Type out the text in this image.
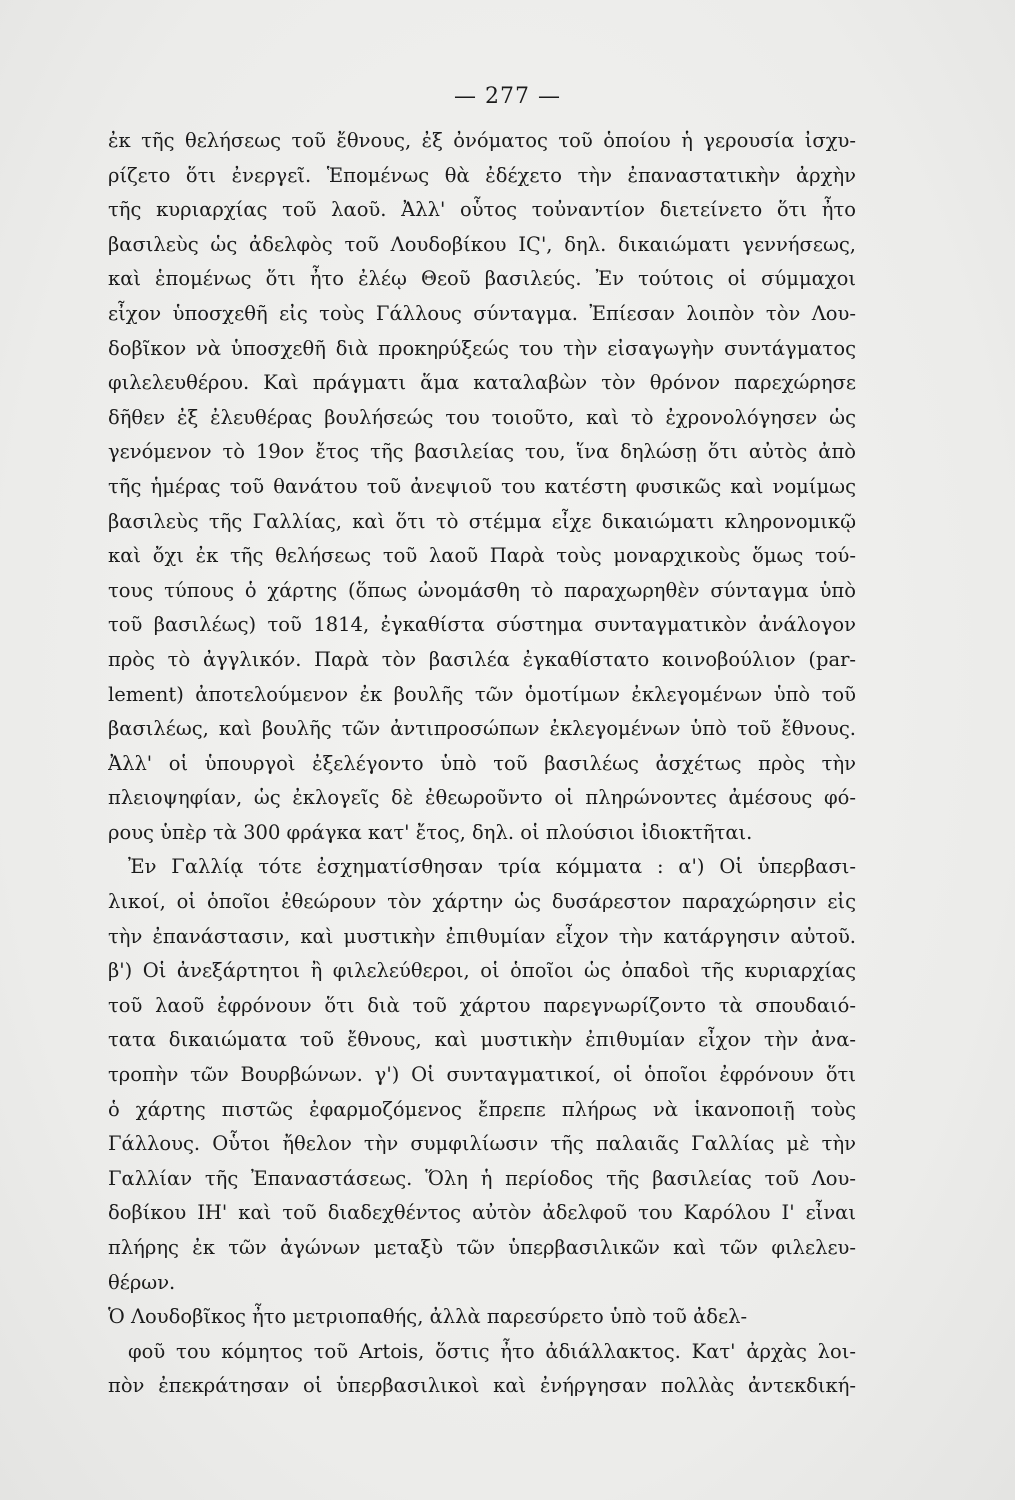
— 277 —
ἐκ τῆς θελήσεως τοῦ ἔθνους, ἐξ ὀνόματος τοῦ ὁποίου ἡ γερουσία ἰσχυ-
ρίζετο ὅτι ἐνεργεῖ. Ἑπομένως θὰ ἐδέχετο τὴν ἐπαναστατικὴν ἀρχὴν
τῆς κυριαρχίας τοῦ λαοῦ. Ἀλλ' οὗτος τοὐναντίον διετείνετο ὅτι ἦτο
βασιλεὺς ὡς ἀδελφὸς τοῦ Λουδοβίκου ΙϚ', δηλ. δικαιώματι γεννήσεως,
καὶ ἑπομένως ὅτι ἦτο ἐλέῳ Θεοῦ βασιλεύς. Ἐν τούτοις οἱ σύμμαχοι
εἶχον ὑποσχεθῆ εἰς τοὺς Γάλλους σύνταγμα. Ἐπίεσαν λοιπὸν τὸν Λου-
δοβῖκον νὰ ὑποσχεθῆ διὰ προκηρύξεώς του τὴν εἰσαγωγὴν συντάγματος
φιλελευθέρου. Καὶ πράγματι ἅμα καταλαβὼν τὸν θρόνον παρεχώρησε
δῆθεν ἐξ ἐλευθέρας βουλήσεώς του τοιοῦτο, καὶ τὸ ἐχρονολόγησεν ὡς
γενόμενον τὸ 19ον ἔτος τῆς βασιλείας του, ἵνα δηλώσῃ ὅτι αὐτὸς ἀπὸ
τῆς ἡμέρας τοῦ θανάτου τοῦ ἀνεψιοῦ του κατέστη φυσικῶς καὶ νομίμως
βασιλεὺς τῆς Γαλλίας, καὶ ὅτι τὸ στέμμα εἶχε δικαιώματι κληρονομικῷ
καὶ ὄχι ἐκ τῆς θελήσεως τοῦ λαοῦ Παρὰ τοὺς μοναρχικοὺς ὅμως τού-
τους τύπους ὁ χάρτης (ὅπως ὠνομάσθη τὸ παραχωρηθὲν σύνταγμα ὑπὸ
τοῦ βασιλέως) τοῦ 1814, ἐγκαθίστα σύστημα συνταγματικὸν ἀνάλογον
πρὸς τὸ ἀγγλικόν. Παρὰ τὸν βασιλέα ἐγκαθίστατο κοινοβούλιον (par-
lement) ἀποτελούμενον ἐκ βουλῆς τῶν ὁμοτίμων ἐκλεγομένων ὑπὸ τοῦ
βασιλέως, καὶ βουλῆς τῶν ἀντιπροσώπων ἐκλεγομένων ὑπὸ τοῦ ἔθνους.
Ἀλλ' οἱ ὑπουργοὶ ἐξελέγοντο ὑπὸ τοῦ βασιλέως ἀσχέτως πρὸς τὴν
πλειοψηφίαν, ὡς ἐκλογεῖς δὲ ἐθεωροῦντο οἱ πληρώνοντες ἀμέσους φό-
ρους ὑπὲρ τὰ 300 φράγκα κατ' ἔτος, δηλ. οἱ πλούσιοι ἰδιοκτῆται.
Ἐν Γαλλίᾳ τότε ἐσχηματίσθησαν τρία κόμματα : α') Οἱ ὑπερβασι-
λικοί, οἱ ὁποῖοι ἐθεώρουν τὸν χάρτην ὡς δυσάρεστον παραχώρησιν εἰς
τὴν ἐπανάστασιν, καὶ μυστικὴν ἐπιθυμίαν εἶχον τὴν κατάργησιν αὐτοῦ.
β') Οἱ ἀνεξάρτητοι ἢ φιλελεύθεροι, οἱ ὁποῖοι ὡς ὀπαδοὶ τῆς κυριαρχίας
τοῦ λαοῦ ἐφρόνουν ὅτι διὰ τοῦ χάρτου παρεγνωρίζοντο τὰ σπουδαιό-
τατα δικαιώματα τοῦ ἔθνους, καὶ μυστικὴν ἐπιθυμίαν εἶχον τὴν ἀνα-
τροπὴν τῶν Βουρβώνων. γ') Οἱ συνταγματικοί, οἱ ὁποῖοι ἐφρόνουν ὅτι
ὁ χάρτης πιστῶς ἐφαρμοζόμενος ἔπρεπε πλήρως νὰ ἱκανοποιῇ τοὺς
Γάλλους. Οὗτοι ἤθελον τὴν συμφιλίωσιν τῆς παλαιᾶς Γαλλίας μὲ τὴν
Γαλλίαν τῆς Ἐπαναστάσεως. Ὅλη ἡ περίοδος τῆς βασιλείας τοῦ Λου-
δοβίκου ΙΗ' καὶ τοῦ διαδεχθέντος αὐτὸν ἀδελφοῦ του Καρόλου Ι' εἶναι
πλήρης ἐκ τῶν ἀγώνων μεταξὺ τῶν ὑπερβασιλικῶν καὶ τῶν φιλελευ-
θέρων.
Ὁ Λουδοβῖκος ἦτο μετριοπαθής, ἀλλὰ παρεσύρετο ὑπὸ τοῦ ἀδελ-
φοῦ του κόμητος τοῦ Artois, ὅστις ἦτο ἀδιάλλακτος. Κατ' ἀρχὰς λοι-
πὸν ἐπεκράτησαν οἱ ὑπερβασιλικοὶ καὶ ἐνήργησαν πολλὰς ἀντεκδική-
